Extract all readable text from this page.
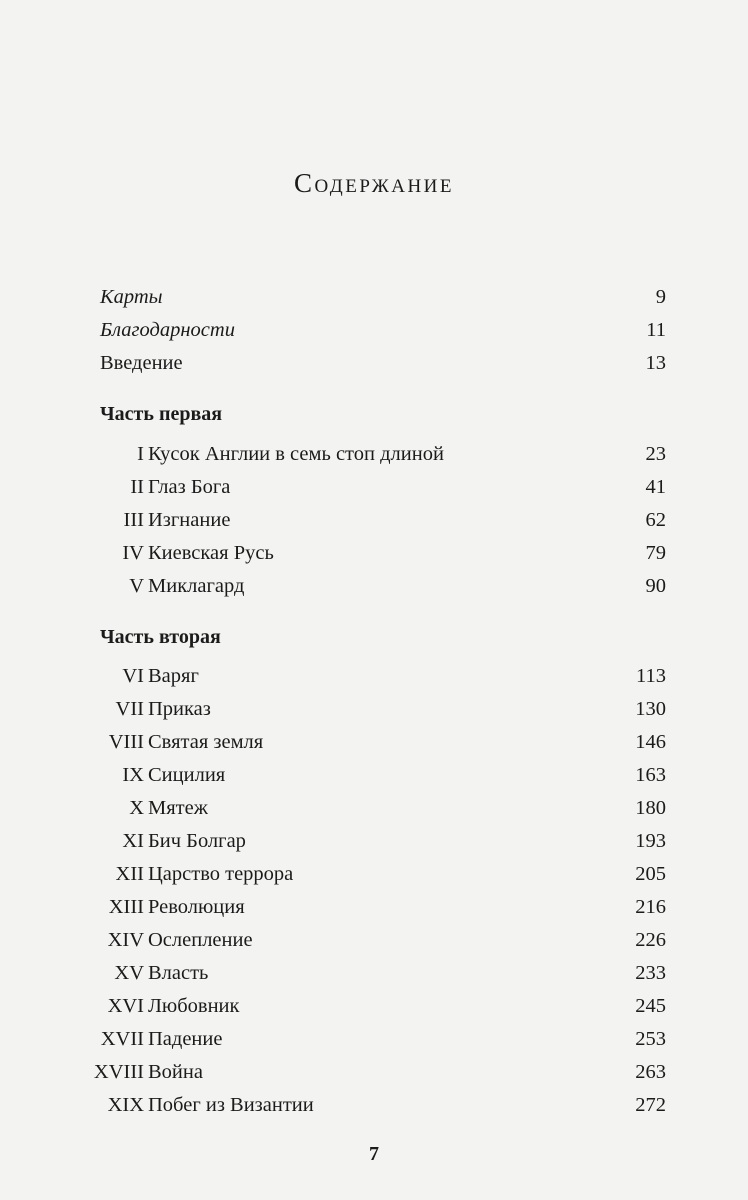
Содержание
Карты	9
Благодарности	11
Введение	13
Часть первая
I Кусок Англии в семь стоп длиной	23
II Глаз Бога	41
III Изгнание	62
IV Киевская Русь	79
V Миклагард	90
Часть вторая
VI Варяг	113
VII Приказ	130
VIII Святая земля	146
IX Сицилия	163
X Мятеж	180
XI Бич Болгар	193
XII Царство террора	205
XIII Революция	216
XIV Ослепление	226
XV Власть	233
XVI Любовник	245
XVII Падение	253
XVIII Война	263
XIX Побег из Византии	272
7
